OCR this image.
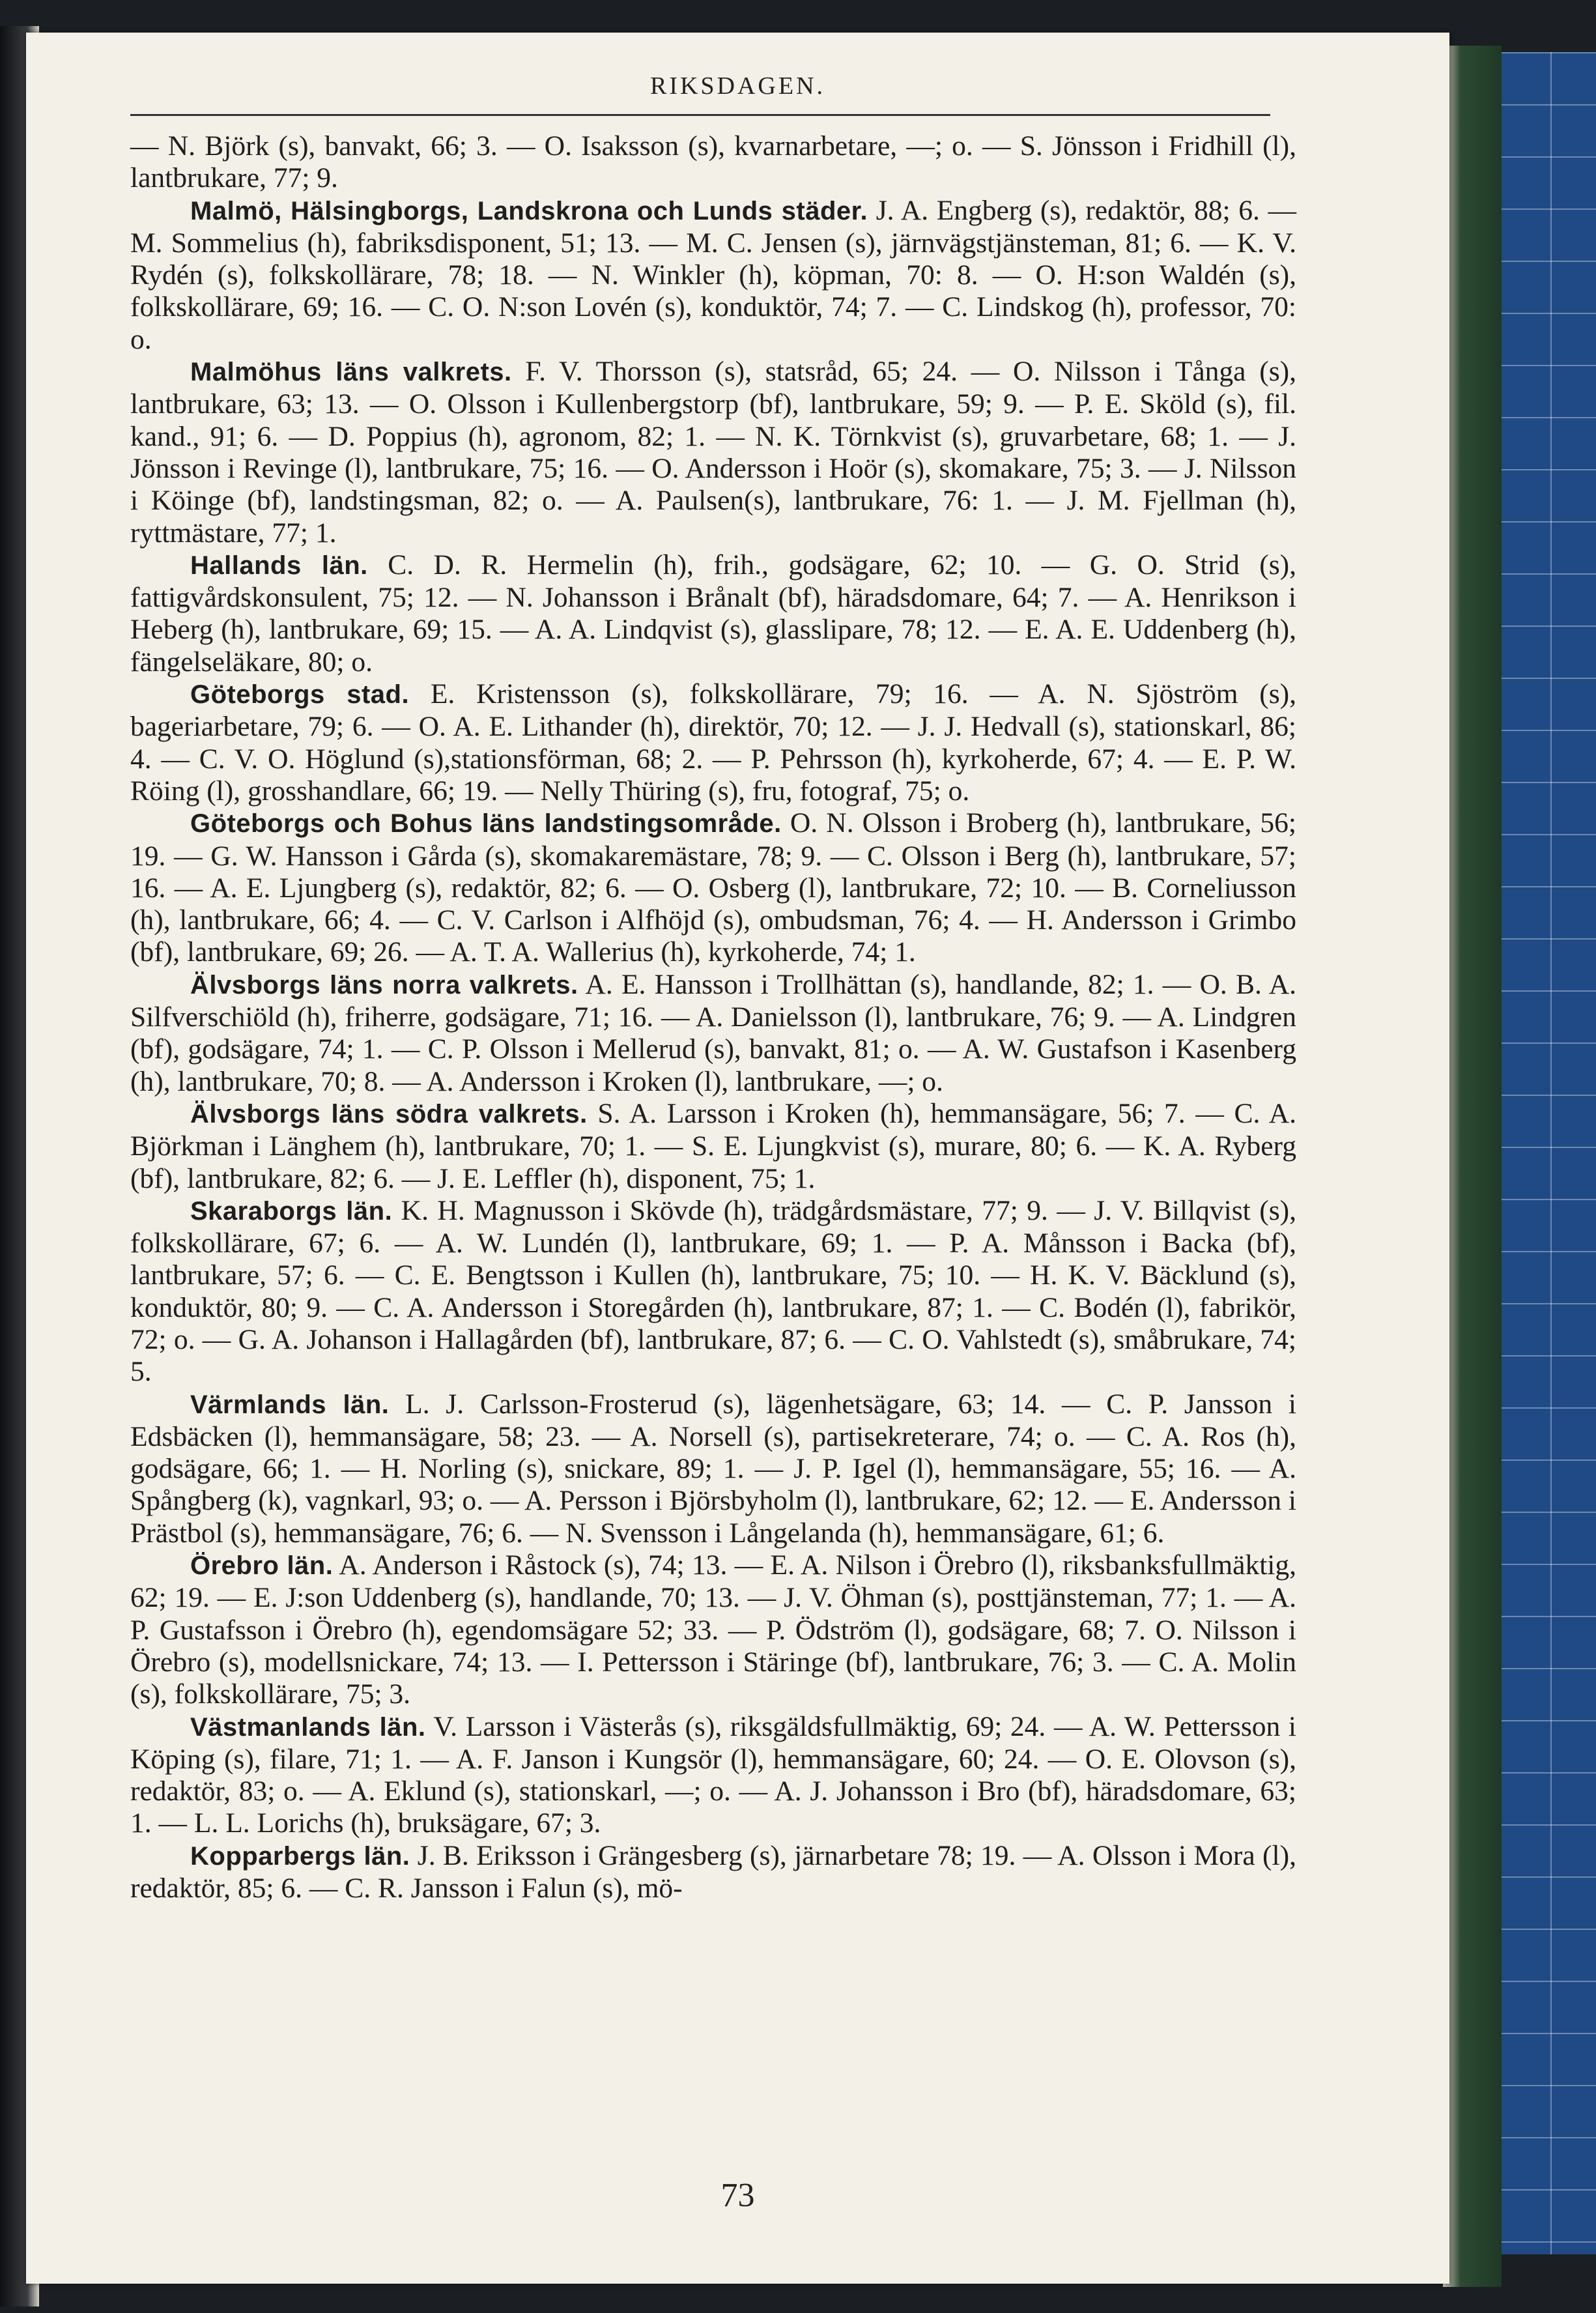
RIKSDAGEN.

— N. Björk (s), banvakt, 66; 3. — O. Isaksson (s), kvarnarbetare, —; o. — S. Jönsson i Fridhill (l), lantbrukare, 77; 9.

Malmö, Hälsingborgs, Landskrona och Lunds städer. J. A. Engberg (s), redaktör, 88; 6. — M. Sommelius (h), fabriksdisponent, 51; 13. — M. C. Jensen (s), järnvägstjänsteman, 81; 6. — K. V. Rydén (s), folkskollärare, 78; 18. — N. Winkler (h), köpman, 70: 8. — O. H:son Waldén (s), folkskollärare, 69; 16. — C. O. N:son Lovén (s), konduktör, 74; 7. — C. Lindskog (h), professor, 70: o.

Malmöhus läns valkrets. F. V. Thorsson (s), statsråd, 65; 24. — O. Nilsson i Tånga (s), lantbrukare, 63; 13. — O. Olsson i Kullenbergstorp (bf), lantbrukare, 59; 9. — P. E. Sköld (s), fil. kand., 91; 6. — D. Poppius (h), agronom, 82; 1. — N. K. Törnkvist (s), gruvarbetare, 68; 1. — J. Jönsson i Revinge (l), lantbrukare, 75; 16. — O. Andersson i Hoör (s), skomakare, 75; 3. — J. Nilsson i Köinge (bf), landstingsman, 82; o. — A. Paulsen(s), lantbrukare, 76: 1. — J. M. Fjellman (h), ryttmästare, 77; 1.

Hallands län. C. D. R. Hermelin (h), frih., godsägare, 62; 10. — G. O. Strid (s), fattigvårdskonsulent, 75; 12. — N. Johansson i Brånalt (bf), häradsdomare, 64; 7. — A. Henrikson i Heberg (h), lantbrukare, 69; 15. — A. A. Lindqvist (s), glasslipare, 78; 12. — E. A. E. Uddenberg (h), fängelseläkare, 80; o.

Göteborgs stad. E. Kristensson (s), folkskollärare, 79; 16. — A. N. Sjöström (s), bageriarbetare, 79; 6. — O. A. E. Lithander (h), direktör, 70; 12. — J. J. Hedvall (s), stationskarl, 86; 4. — C. V. O. Höglund (s),stationsförman, 68; 2. — P. Pehrsson (h), kyrkoherde, 67; 4. — E. P. W. Röing (l), grosshandlare, 66; 19. — Nelly Thüring (s), fru, fotograf, 75; o.

Göteborgs och Bohus läns landstingsområde. O. N. Olsson i Broberg (h), lantbrukare, 56; 19. — G. W. Hansson i Gårda (s), skomakaremästare, 78; 9. — C. Olsson i Berg (h), lantbrukare, 57; 16. — A. E. Ljungberg (s), redaktör, 82; 6. — O. Osberg (l), lantbrukare, 72; 10. — B. Corneliusson (h), lantbrukare, 66; 4. — C. V. Carlson i Alfhöjd (s), ombudsman, 76; 4. — H. Andersson i Grimbo (bf), lantbrukare, 69; 26. — A. T. A. Wallerius (h), kyrkoherde, 74; 1.

Älvsborgs läns norra valkrets. A. E. Hansson i Trollhättan (s), handlande, 82; 1. — O. B. A. Silfverschiöld (h), friherre, godsägare, 71; 16. — A. Danielsson (l), lantbrukare, 76; 9. — A. Lindgren (bf), godsägare, 74; 1. — C. P. Olsson i Mellerud (s), banvakt, 81; o. — A. W. Gustafson i Kasenberg (h), lantbrukare, 70; 8. — A. Andersson i Kroken (l), lantbrukare, —; o.

Älvsborgs läns södra valkrets. S. A. Larsson i Kroken (h), hemmansägare, 56; 7. — C. A. Björkman i Länghem (h), lantbrukare, 70; 1. — S. E. Ljungkvist (s), murare, 80; 6. — K. A. Ryberg (bf), lantbrukare, 82; 6. — J. E. Leffler (h), disponent, 75; 1.

Skaraborgs län. K. H. Magnusson i Skövde (h), trädgårdsmästare, 77; 9. — J. V. Billqvist (s), folkskollärare, 67; 6. — A. W. Lundén (l), lantbrukare, 69; 1. — P. A. Månsson i Backa (bf), lantbrukare, 57; 6. — C. E. Bengtsson i Kullen (h), lantbrukare, 75; 10. — H. K. V. Bäcklund (s), konduktör, 80; 9. — C. A. Andersson i Storegården (h), lantbrukare, 87; 1. — C. Bodén (l), fabrikör, 72; o. — G. A. Johanson i Hallagården (bf), lantbrukare, 87; 6. — C. O. Vahlstedt (s), småbrukare, 74; 5.

Värmlands län. L. J. Carlsson-Frosterud (s), lägenhetsägare, 63; 14. — C. P. Jansson i Edsbäcken (l), hemmansägare, 58; 23. — A. Norsell (s), partisekreterare, 74; o. — C. A. Ros (h), godsägare, 66; 1. — H. Norling (s), snickare, 89; 1. — J. P. Igel (l), hemmansägare, 55; 16. — A. Spångberg (k), vagnkarl, 93; o. — A. Persson i Björsbyholm (l), lantbrukare, 62; 12. — E. Andersson i Prästbol (s), hemmansägare, 76; 6. — N. Svensson i Långelanda (h), hemmansägare, 61; 6.

Örebro län. A. Anderson i Råstock (s), 74; 13. — E. A. Nilson i Örebro (l), riksbanksfullmäktig, 62; 19. — E. J:son Uddenberg (s), handlande, 70; 13. — J. V. Öhman (s), posttjänsteman, 77; 1. — A. P. Gustafsson i Örebro (h), egendomsägare 52; 33. — P. Ödström (l), godsägare, 68; 7. O. Nilsson i Örebro (s), modellsnickare, 74; 13. — I. Pettersson i Stäringe (bf), lantbrukare, 76; 3. — C. A. Molin (s), folkskollärare, 75; 3.

Västmanlands län. V. Larsson i Västerås (s), riksgäldsfullmäktig, 69; 24. — A. W. Pettersson i Köping (s), filare, 71; 1. — A. F. Janson i Kungsör (l), hemmansägare, 60; 24. — O. E. Olovson (s), redaktör, 83; o. — A. Eklund (s), stationskarl, —; o. — A. J. Johansson i Bro (bf), häradsdomare, 63; 1. — L. L. Lorichs (h), bruksägare, 67; 3.

Kopparbergs län. J. B. Eriksson i Grängesberg (s), järnarbetare 78; 19. — A. Olsson i Mora (l), redaktör, 85; 6. — C. R. Jansson i Falun (s), mö-

73
